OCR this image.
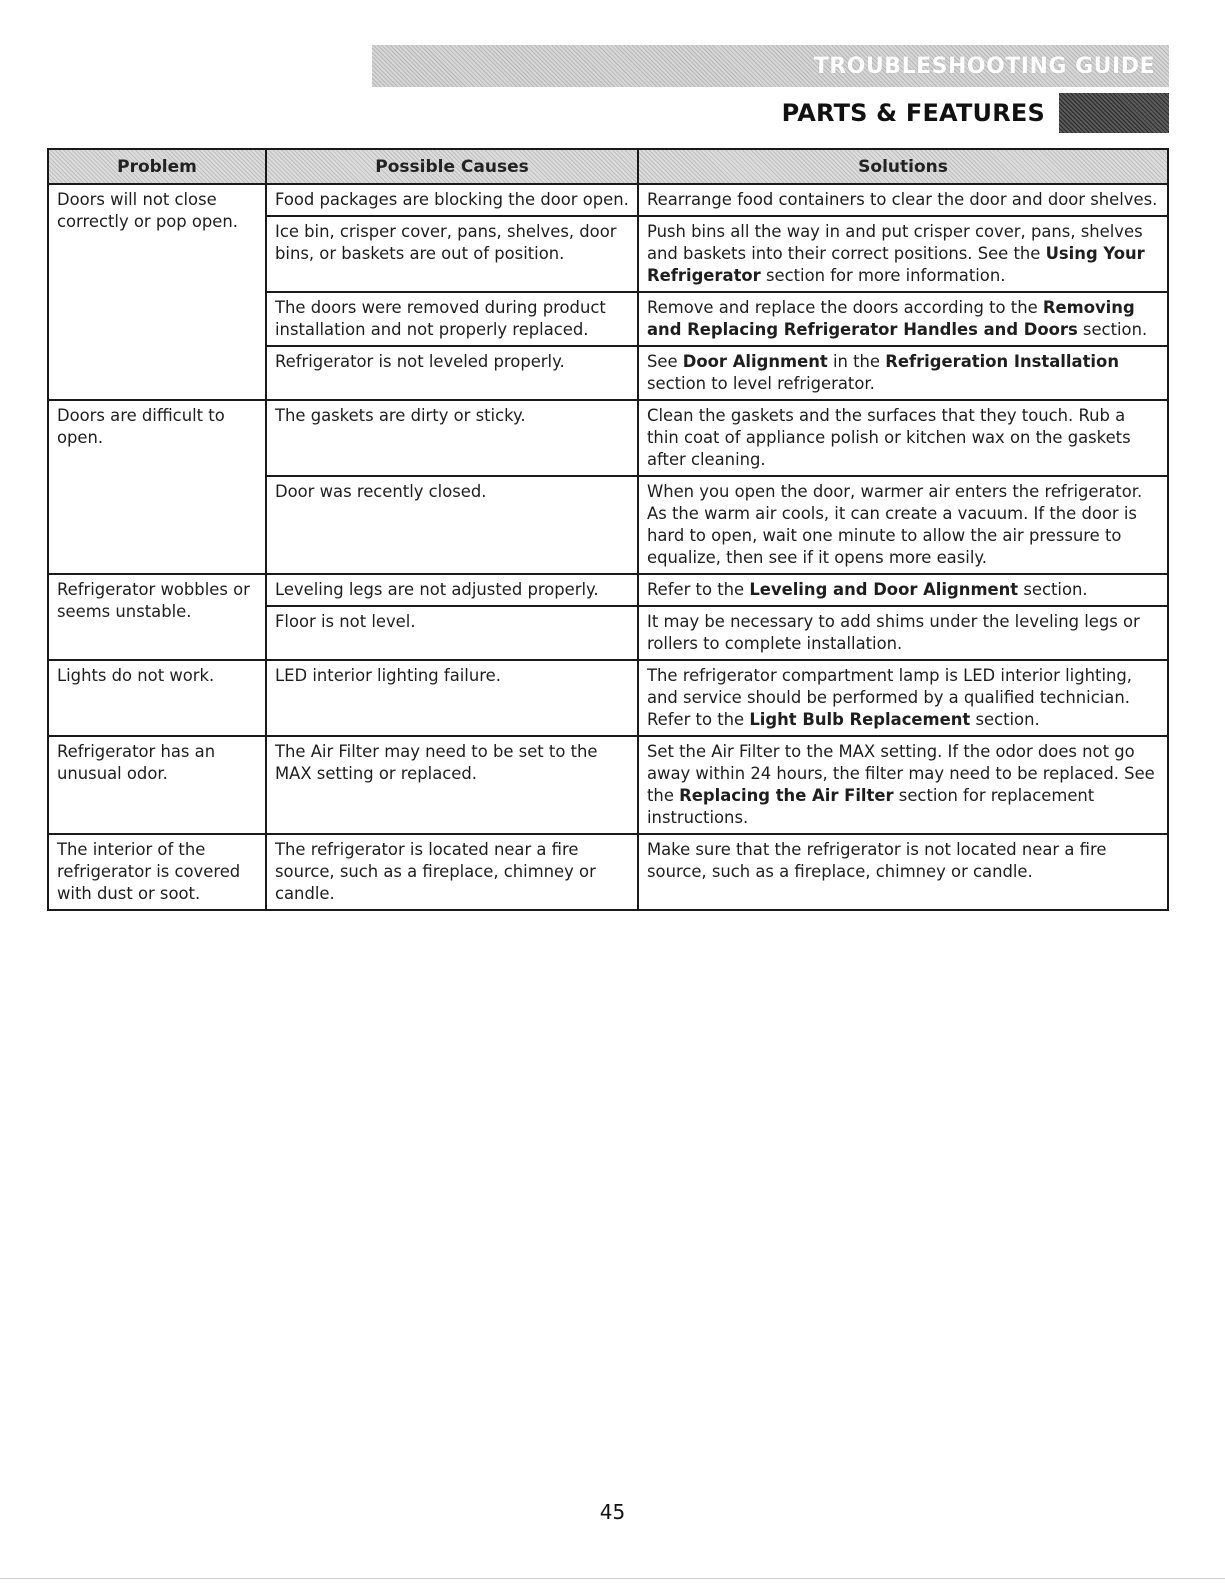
TROUBLESHOOTING GUIDE
PARTS & FEATURES
Problem	Possible Causes	Solutions
Doors will not close correctly or pop open.	Food packages are blocking the door open.	Rearrange food containers to clear the door and door shelves.
	Ice bin, crisper cover, pans, shelves, door bins, or baskets are out of position.	Push bins all the way in and put crisper cover, pans, shelves and baskets into their correct positions. See the Using Your Refrigerator section for more information.
	The doors were removed during product installation and not properly replaced.	Remove and replace the doors according to the Removing and Replacing Refrigerator Handles and Doors section.
	Refrigerator is not leveled properly.	See Door Alignment in the Refrigeration Installation section to level refrigerator.
Doors are difficult to open.	The gaskets are dirty or sticky.	Clean the gaskets and the surfaces that they touch. Rub a thin coat of appliance polish or kitchen wax on the gaskets after cleaning.
	Door was recently closed.	When you open the door, warmer air enters the refrigerator. As the warm air cools, it can create a vacuum. If the door is hard to open, wait one minute to allow the air pressure to equalize, then see if it opens more easily.
Refrigerator wobbles or seems unstable.	Leveling legs are not adjusted properly.	Refer to the Leveling and Door Alignment section.
	Floor is not level.	It may be necessary to add shims under the leveling legs or rollers to complete installation.
Lights do not work.	LED interior lighting failure.	The refrigerator compartment lamp is LED interior lighting, and service should be performed by a qualified technician. Refer to the Light Bulb Replacement section.
Refrigerator has an unusual odor.	The Air Filter may need to be set to the MAX setting or replaced.	Set the Air Filter to the MAX setting. If the odor does not go away within 24 hours, the filter may need to be replaced. See the Replacing the Air Filter section for replacement instructions.
The interior of the refrigerator is covered with dust or soot.	The refrigerator is located near a fire source, such as a fireplace, chimney or candle.	Make sure that the refrigerator is not located near a fire source, such as a fireplace, chimney or candle.
45
